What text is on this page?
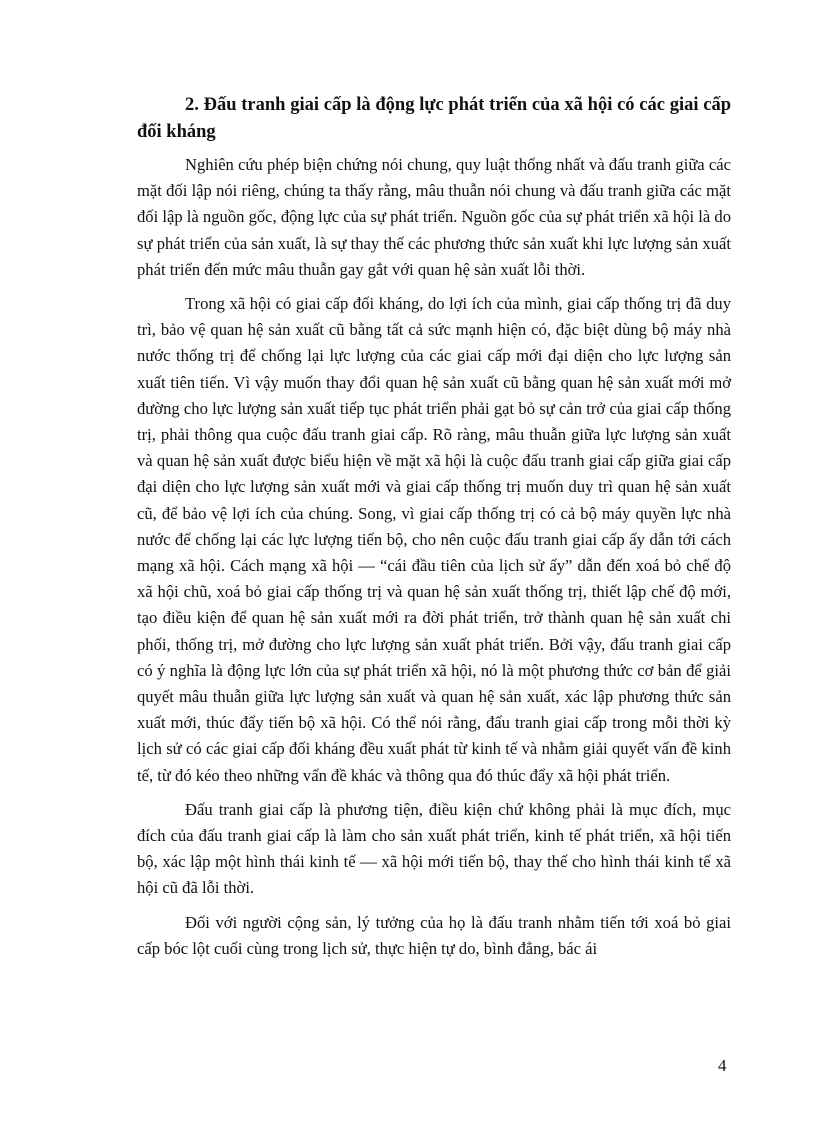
2. Đấu tranh giai cấp là động lực phát triển của xã hội có các giai cấp đối kháng

Nghiên cứu phép biện chứng nói chung, quy luật thống nhất và đấu tranh giữa các mặt đối lập nói riêng, chúng ta thấy rằng, mâu thuẫn nói chung và đấu tranh giữa các mặt đối lập là nguồn gốc, động lực của sự phát triển. Nguồn gốc của sự phát triển xã hội là do sự phát triển của sản xuất, là sự thay thế các phương thức sản xuất khi lực lượng sản xuất phát triển đến mức mâu thuẫn gay gắt với quan hệ sản xuất lỗi thời.

Trong xã hội có giai cấp đối kháng, do lợi ích của mình, giai cấp thống trị đã duy trì, bảo vệ quan hệ sản xuất cũ bằng tất cả sức mạnh hiện có, đặc biệt dùng bộ máy nhà nước thống trị để chống lại lực lượng của các giai cấp mới đại diện cho lực lượng sản xuất tiên tiến. Vì vậy muốn thay đổi quan hệ sản xuất cũ bằng quan hệ sản xuất mới mở đường cho lực lượng sản xuất tiếp tục phát triển phải gạt bỏ sự cản trở của giai cấp thống trị, phải thông qua cuộc đấu tranh giai cấp. Rõ ràng, mâu thuẫn giữa lực lượng sản xuất và quan hệ sản xuất được biểu hiện về mặt xã hội là cuộc đấu tranh giai cấp giữa giai cấp đại diện cho lực lượng sản xuất mới và giai cấp thống trị muốn duy trì quan hệ sản xuất cũ, để bảo vệ lợi ích của chúng. Song, vì giai cấp thống trị có cả bộ máy quyền lực nhà nước để chống lại các lực lượng tiến bộ, cho nên cuộc đấu tranh giai cấp ấy dẫn tới cách mạng xã hội. Cách mạng xã hội — “cái đầu tiên của lịch sử ấy” dẫn đến xoá bỏ chế độ xã hội chũ, xoá bỏ giai cấp thống trị và quan hệ sản xuất thống trị, thiết lập chế độ mới, tạo điều kiện để quan hệ sản xuất mới ra đời phát triển, trở thành quan hệ sản xuất chi phối, thống trị, mở đường cho lực lượng sản xuất phát triển. Bởi vậy, đấu tranh giai cấp có ý nghĩa là động lực lớn của sự phát triển xã hội, nó là một phương thức cơ bản để giải quyết mâu thuẫn giữa lực lượng sản xuất và quan hệ sản xuất, xác lập phương thức sản xuất mới, thúc đẩy tiến bộ xã hội. Có thể nói rằng, đấu tranh giai cấp trong mỗi thời kỳ lịch sử có các giai cấp đối kháng đều xuất phát từ kinh tế và nhằm giải quyết vấn đề kinh tế, từ đó kéo theo những vấn đề khác và thông qua đó thúc đẩy xã hội phát triển.

Đấu tranh giai cấp là phương tiện, điều kiện chứ không phải là mục đích, mục đích của đấu tranh giai cấp là làm cho sản xuất phát triển, kinh tế phát triển, xã hội tiến bộ, xác lập một hình thái kinh tế — xã hội mới tiến bộ, thay thế cho hình thái kinh tế xã hội cũ đã lỗi thời.

Đối với người cộng sản, lý tưởng của họ là đấu tranh nhằm tiến tới xoá bỏ giai cấp bóc lột cuối cùng trong lịch sử, thực hiện tự do, bình đẳng, bác ái

4
